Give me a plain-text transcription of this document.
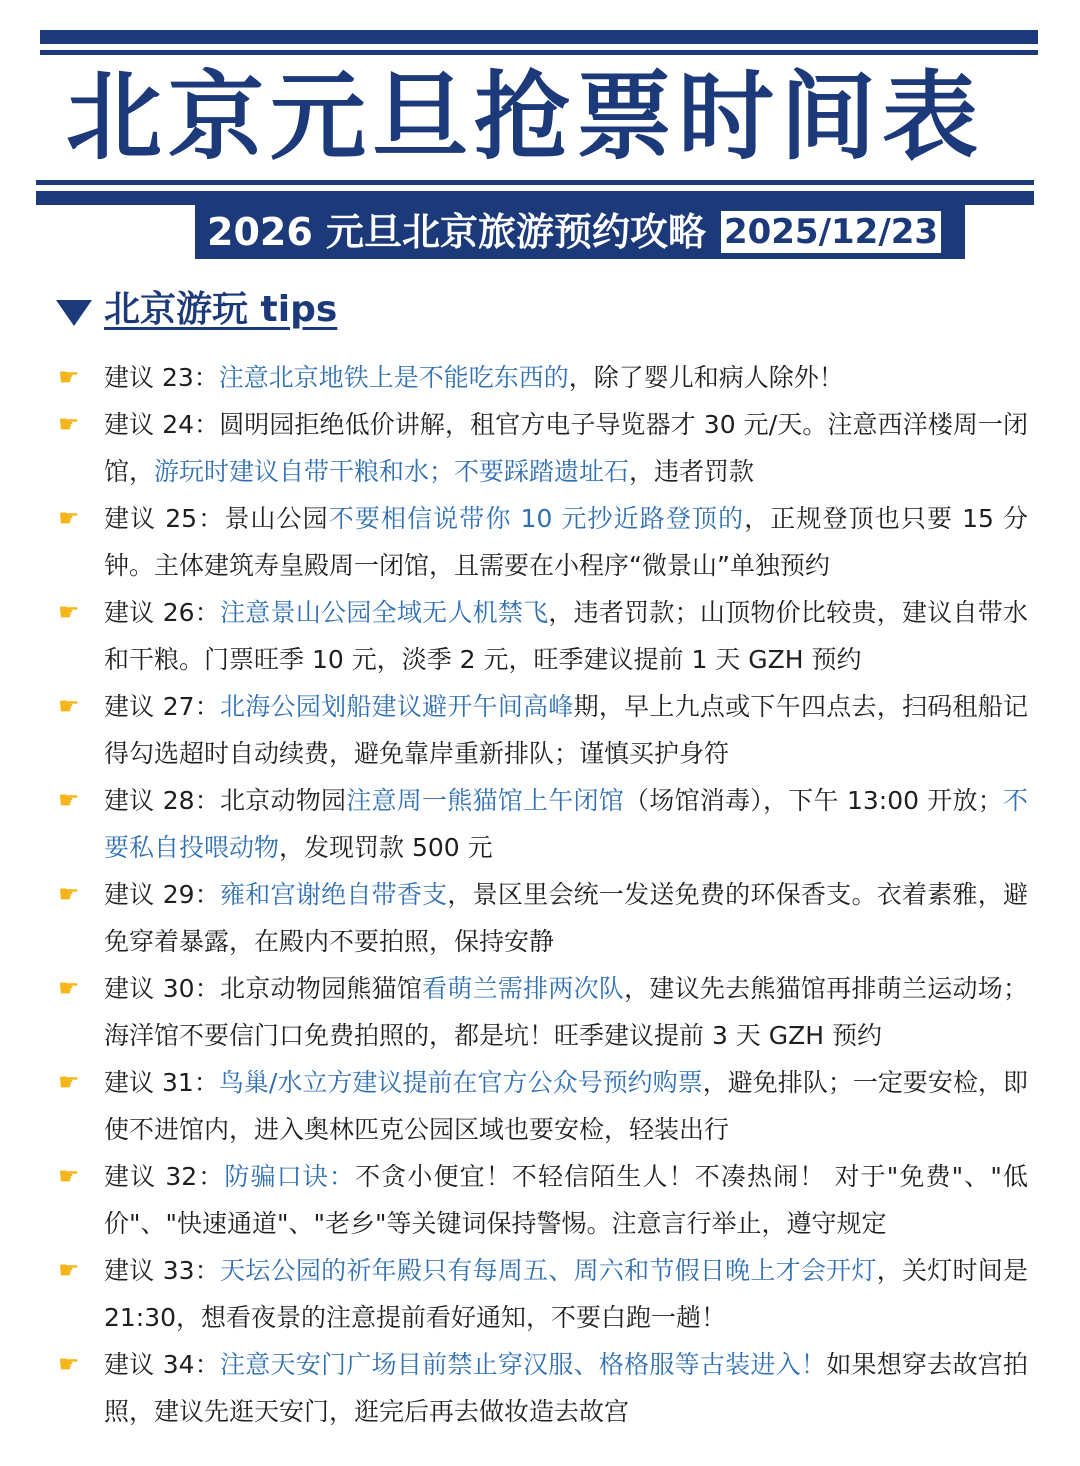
北京元旦抢票时间表
2026 元旦北京旅游预约攻略 2025/12/23
北京游玩 tips
☛ 建议 23：注意北京地铁上是不能吃东西的，除了婴儿和病人除外！
☛ 建议 24：圆明园拒绝低价讲解，租官方电子导览器才 30 元/天。注意西洋楼周一闭馆，游玩时建议自带干粮和水；不要踩踏遗址石，违者罚款
☛ 建议 25：景山公园不要相信说带你 10 元抄近路登顶的，正规登顶也只要 15 分钟。主体建筑寿皇殿周一闭馆，且需要在小程序“微景山”单独预约
☛ 建议 26：注意景山公园全域无人机禁飞，违者罚款；山顶物价比较贵，建议自带水和干粮。门票旺季 10 元，淡季 2 元，旺季建议提前 1 天 GZH 预约
☛ 建议 27：北海公园划船建议避开午间高峰期，早上九点或下午四点去，扫码租船记得勾选超时自动续费，避免靠岸重新排队；谨慎买护身符
☛ 建议 28：北京动物园注意周一熊猫馆上午闭馆（场馆消毒），下午 13:00 开放；不要私自投喂动物，发现罚款 500 元
☛ 建议 29：雍和宫谢绝自带香支，景区里会统一发送免费的环保香支。衣着素雅，避免穿着暴露，在殿内不要拍照，保持安静
☛ 建议 30：北京动物园熊猫馆看萌兰需排两次队，建议先去熊猫馆再排萌兰运动场；海洋馆不要信门口免费拍照的，都是坑！旺季建议提前 3 天 GZH 预约
☛ 建议 31：鸟巢/水立方建议提前在官方公众号预约购票，避免排队；一定要安检，即使不进馆内，进入奥林匹克公园区域也要安检，轻装出行
☛ 建议 32：防骗口诀：不贪小便宜！不轻信陌生人！不凑热闹！ 对于"免费"、"低价"、"快速通道"、"老乡"等关键词保持警惕。注意言行举止，遵守规定
☛ 建议 33：天坛公园的祈年殿只有每周五、周六和节假日晚上才会开灯，关灯时间是 21:30，想看夜景的注意提前看好通知，不要白跑一趟！
☛ 建议 34：注意天安门广场目前禁止穿汉服、格格服等古装进入！如果想穿去故宫拍照，建议先逛天安门，逛完后再去做妆造去故宫
